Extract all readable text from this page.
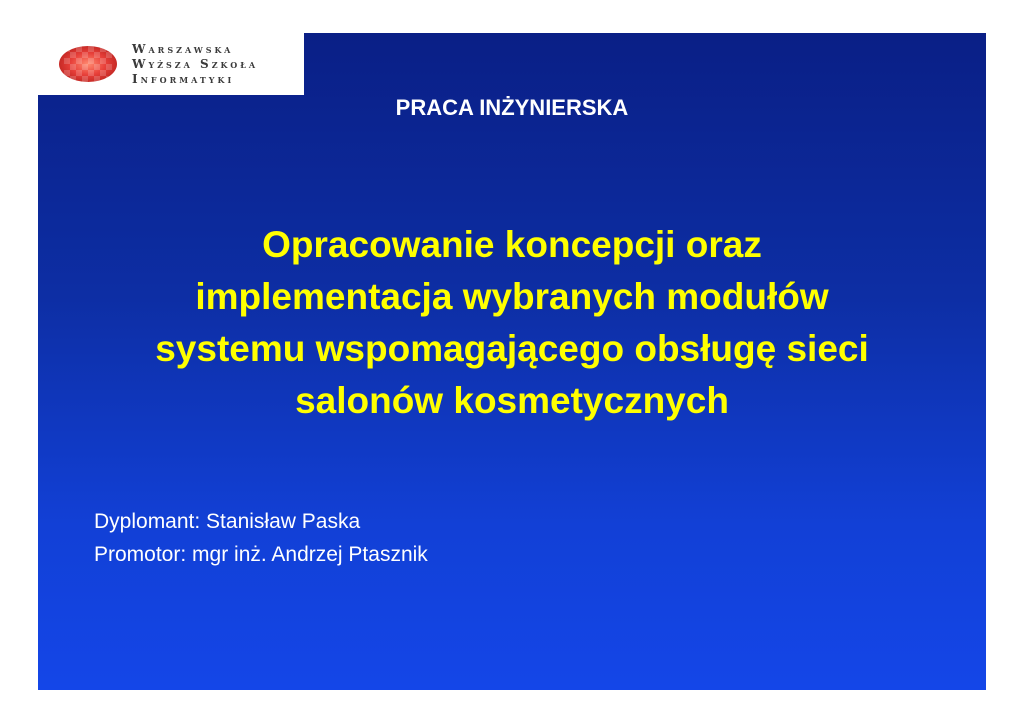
Warszawska
Wyższa Szkoła
Informatyki
PRACA INŻYNIERSKA
Opracowanie koncepcji oraz
implementacja wybranych modułów
systemu wspomagającego obsługę sieci
salonów kosmetycznych
Dyplomant: Stanisław Paska
Promotor: mgr inż. Andrzej Ptasznik
